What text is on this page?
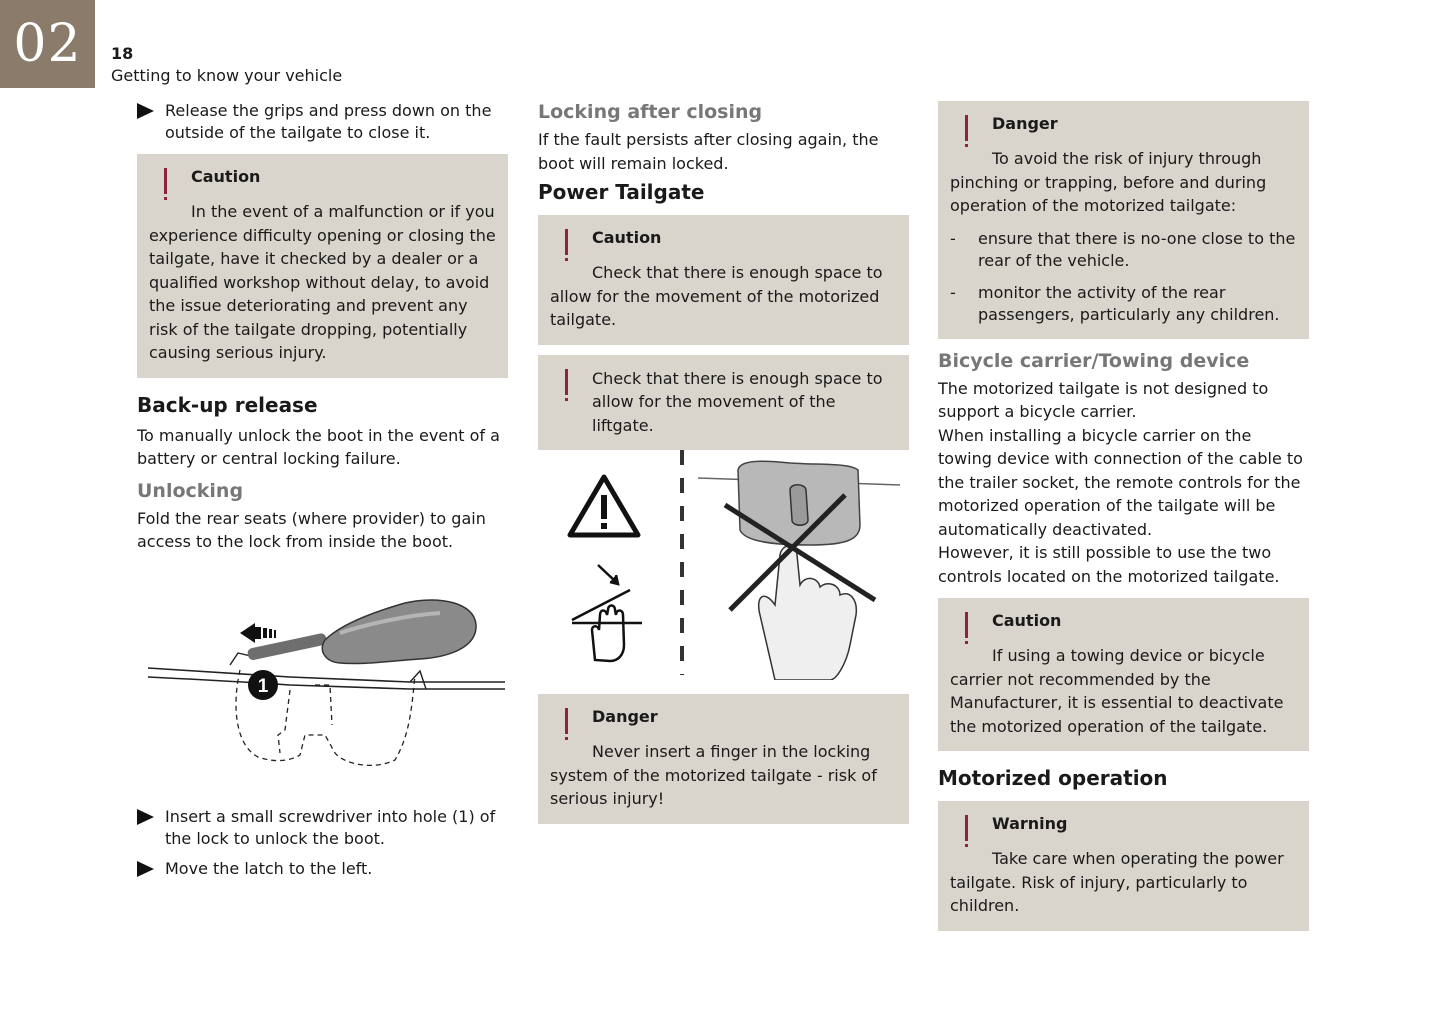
02	18
Getting to know your vehicle
Release the grips and press down on the outside of the tailgate to close it.
Caution
In the event of a malfunction or if you experience difficulty opening or closing the tailgate, have it checked by a dealer or a qualified workshop without delay, to avoid the issue deteriorating and prevent any risk of the tailgate dropping, potentially causing serious injury.
Back-up release

To manually unlock the boot in the event of a battery or central locking failure.

Unlocking

Fold the rear seats (where provider) to gain access to the lock from inside the boot.

1
Insert a small screwdriver into hole (1) of the lock to unlock the boot.
Move the latch to the left.
Locking after closing

If the fault persists after closing again, the boot will remain locked.

Power Tailgate
Caution
Check that there is enough space to allow for the movement of the motorized tailgate.
Check that there is enough space to allow for the movement of the liftgate.
Danger
Never insert a finger in the locking system of the motorized tailgate - risk of serious injury!
Danger
To avoid the risk of injury through pinching or trapping, before and during operation of the motorized tailgate:
- ensure that there is no-one close to the rear of the vehicle.
- monitor the activity of the rear passengers, particularly any children.
Bicycle carrier/Towing device

The motorized tailgate is not designed to support a bicycle carrier.

When installing a bicycle carrier on the towing device with connection of the cable to the trailer socket, the remote controls for the motorized operation of the tailgate will be automatically deactivated.

However, it is still possible to use the two controls located on the motorized tailgate.

Caution
If using a towing device or bicycle carrier not recommended by the Manufacturer, it is essential to deactivate the motorized operation of the tailgate.
Motorized operation
Warning
Take care when operating the power tailgate. Risk of injury, particularly to children.
